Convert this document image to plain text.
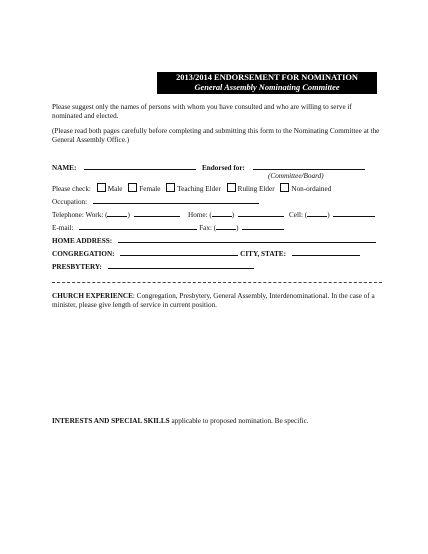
2013/2014 ENDORSEMENT FOR NOMINATION
General Assembly Nominating Committee
Please suggest only the names of persons with whom you have consulted and who are willing to serve if nominated and elected.
(Please read both pages carefully before completing and submitting this form to the Nominating Committee at the General Assembly Office.)
NAME:	Endorsed for:
(Committee/Board)
Please check: Male Female Teaching Elder Ruling Elder Non-ordained
Occupation:
Telephone: Work: (	)	Home: (	)	Cell: (	)
E-mail:	Fax: (	)
HOME ADDRESS:
CONGREGATION:	CITY, STATE:
PRESBYTERY:
CHURCH EXPERIENCE: Congregation, Presbytery, General Assembly, Interdenominational. In the case of a minister, please give length of service in current position.
INTERESTS AND SPECIAL SKILLS applicable to proposed nomination. Be specific.
